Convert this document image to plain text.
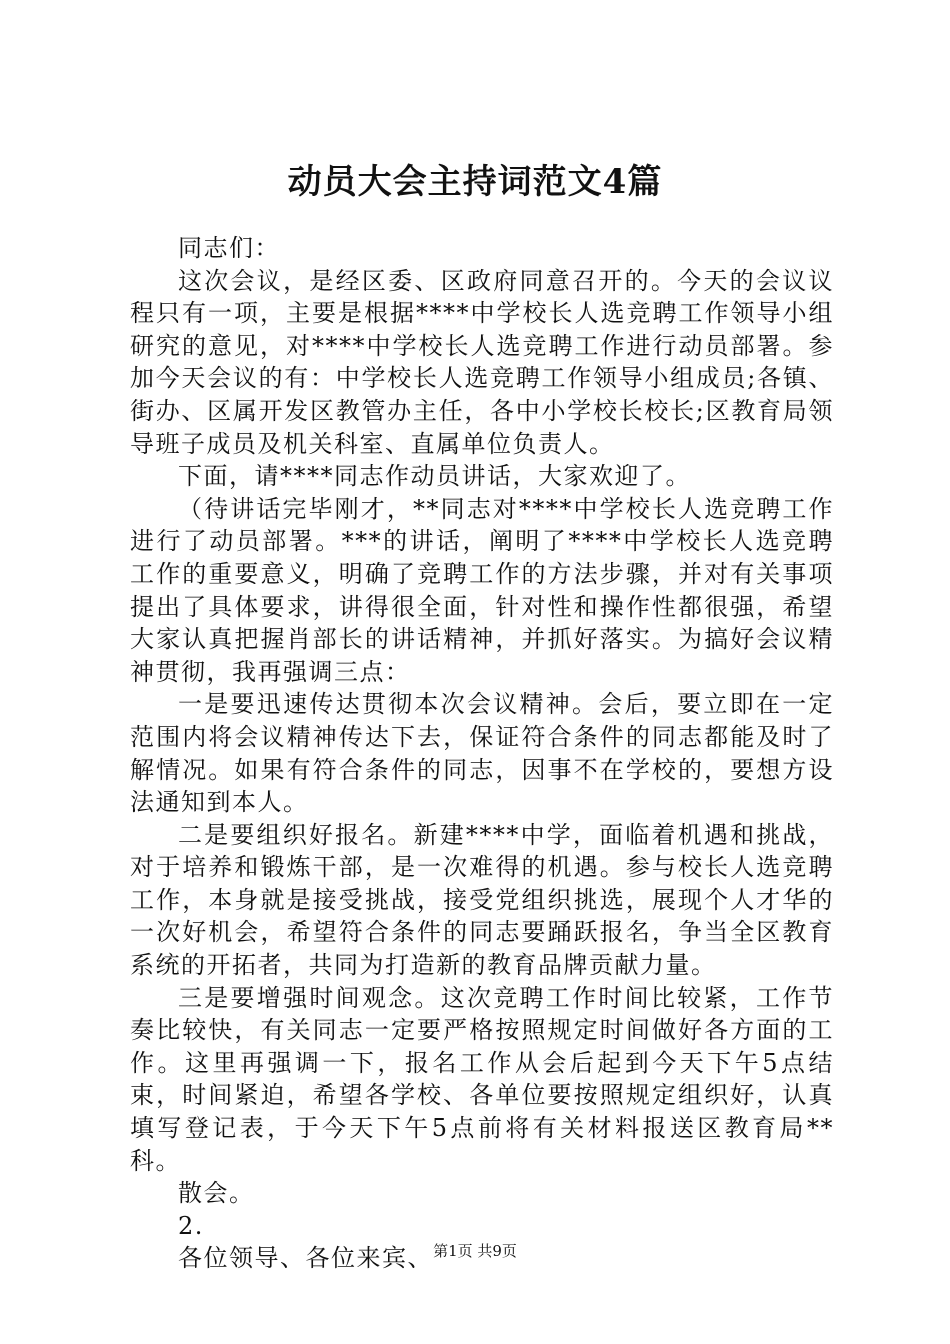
动员大会主持词范文4篇

同志们：

这次会议，是经区委、区政府同意召开的。今天的会议议程只有一项，主要是根据****中学校长人选竞聘工作领导小组研究的意见，对****中学校长人选竞聘工作进行动员部署。参加今天会议的有：中学校长人选竞聘工作领导小组成员;各镇、街办、区属开发区教管办主任，各中小学校长校长;区教育局领导班子成员及机关科室、直属单位负责人。

下面，请****同志作动员讲话，大家欢迎了。

（待讲话完毕刚才，**同志对****中学校长人选竞聘工作进行了动员部署。***的讲话，阐明了****中学校长人选竞聘工作的重要意义，明确了竞聘工作的方法步骤，并对有关事项提出了具体要求，讲得很全面，针对性和操作性都很强，希望大家认真把握肖部长的讲话精神，并抓好落实。为搞好会议精神贯彻，我再强调三点：

一是要迅速传达贯彻本次会议精神。会后，要立即在一定范围内将会议精神传达下去，保证符合条件的同志都能及时了解情况。如果有符合条件的同志，因事不在学校的，要想方设法通知到本人。

二是要组织好报名。新建****中学，面临着机遇和挑战，对于培养和锻炼干部，是一次难得的机遇。参与校长人选竞聘工作，本身就是接受挑战，接受党组织挑选，展现个人才华的一次好机会，希望符合条件的同志要踊跃报名，争当全区教育系统的开拓者，共同为打造新的教育品牌贡献力量。

三是要增强时间观念。这次竞聘工作时间比较紧，工作节奏比较快，有关同志一定要严格按照规定时间做好各方面的工作。这里再强调一下，报名工作从会后起到今天下午5点结束，时间紧迫，希望各学校、各单位要按照规定组织好，认真填写登记表，于今天下午5点前将有关材料报送区教育局**科。

散会。

2.

各位领导、各位来宾、 第1页 共9页
